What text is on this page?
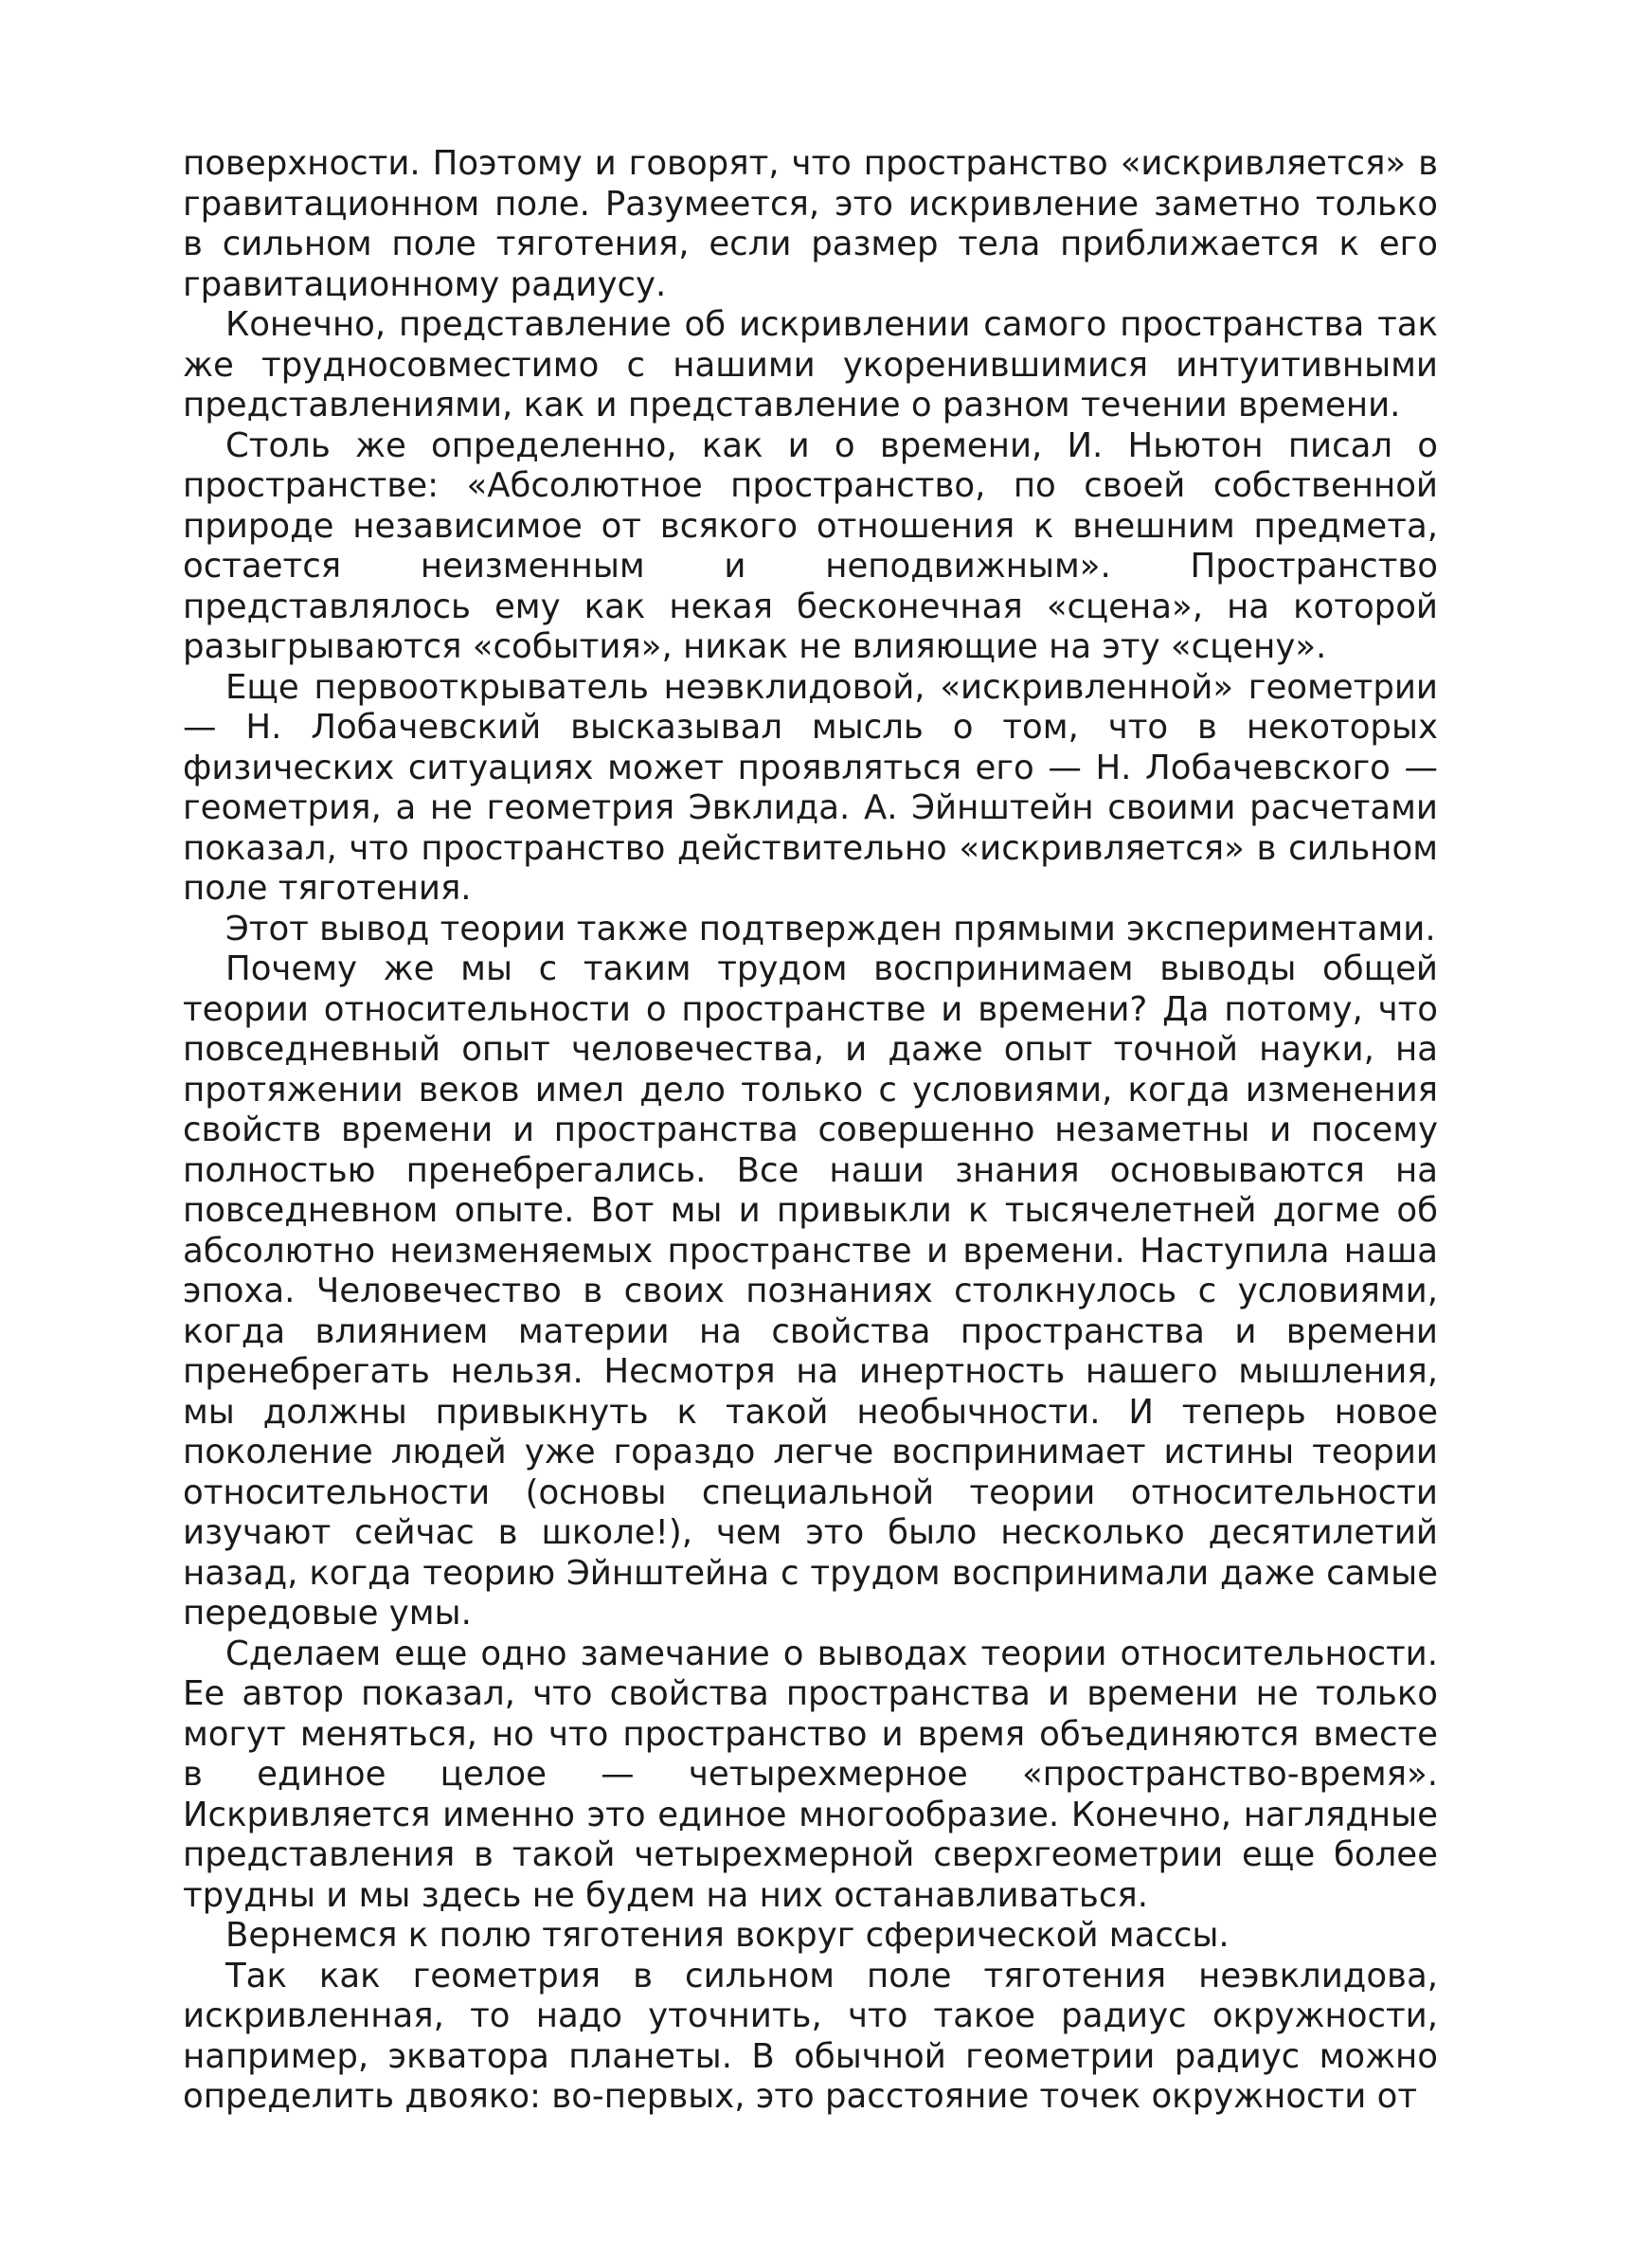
поверхности. Поэтому и говорят, что пространство «искривляется» в гравитационном поле. Разумеется, это искривление заметно только в сильном поле тяготения, если размер тела приближается к его гравитационному радиусу.

Конечно, представление об искривлении самого пространства так же трудносовместимо с нашими укоренившимися интуитивными представлениями, как и представление о разном течении времени.

Столь же определенно, как и о времени, И. Ньютон писал о пространстве: «Абсолютное пространство, по своей собственной природе независимое от всякого отношения к внешним предмета, остается неизменным и неподвижным». Пространство представлялось ему как некая бесконечная «сцена», на которой разыгрываются «события», никак не влияющие на эту «сцену».

Еще первооткрыватель неэвклидовой, «искривленной» геометрии — Н. Лобачевский высказывал мысль о том, что в некоторых физических ситуациях может проявляться его — Н. Лобачевского — геометрия, а не геометрия Эвклида. А. Эйнштейн своими расчетами показал, что пространство действительно «искривляется» в сильном поле тяготения.

Этот вывод теории также подтвержден прямыми экспериментами.

Почему же мы с таким трудом воспринимаем выводы общей теории относительности о пространстве и времени? Да потому, что повседневный опыт человечества, и даже опыт точной науки, на протяжении веков имел дело только с условиями, когда изменения свойств времени и пространства совершенно незаметны и посему полностью пренебрегались. Все наши знания основываются на повседневном опыте. Вот мы и привыкли к тысячелетней догме об абсолютно неизменяемых пространстве и времени. Наступила наша эпоха. Человечество в своих познаниях столкнулось с условиями, когда влиянием материи на свойства пространства и времени пренебрегать нельзя. Несмотря на инертность нашего мышления, мы должны привыкнуть к такой необычности. И теперь новое поколение людей уже гораздо легче воспринимает истины теории относительности (основы специальной теории относительности изучают сейчас в школе!), чем это было несколько десятилетий назад, когда теорию Эйнштейна с трудом воспринимали даже самые передовые умы.

Сделаем еще одно замечание о выводах теории относительности. Ее автор показал, что свойства пространства и времени не только могут меняться, но что пространство и время объединяются вместе в единое целое — четырехмерное «пространство-время». Искривляется именно это единое многообразие. Конечно, наглядные представления в такой четырехмерной сверхгеометрии еще более трудны и мы здесь не будем на них останавливаться.

Вернемся к полю тяготения вокруг сферической массы.

Так как геометрия в сильном поле тяготения неэвклидова, искривленная, то надо уточнить, что такое радиус окружности, например, экватора планеты. В обычной геометрии радиус можно определить двояко: во-первых, это расстояние точек окружности от
